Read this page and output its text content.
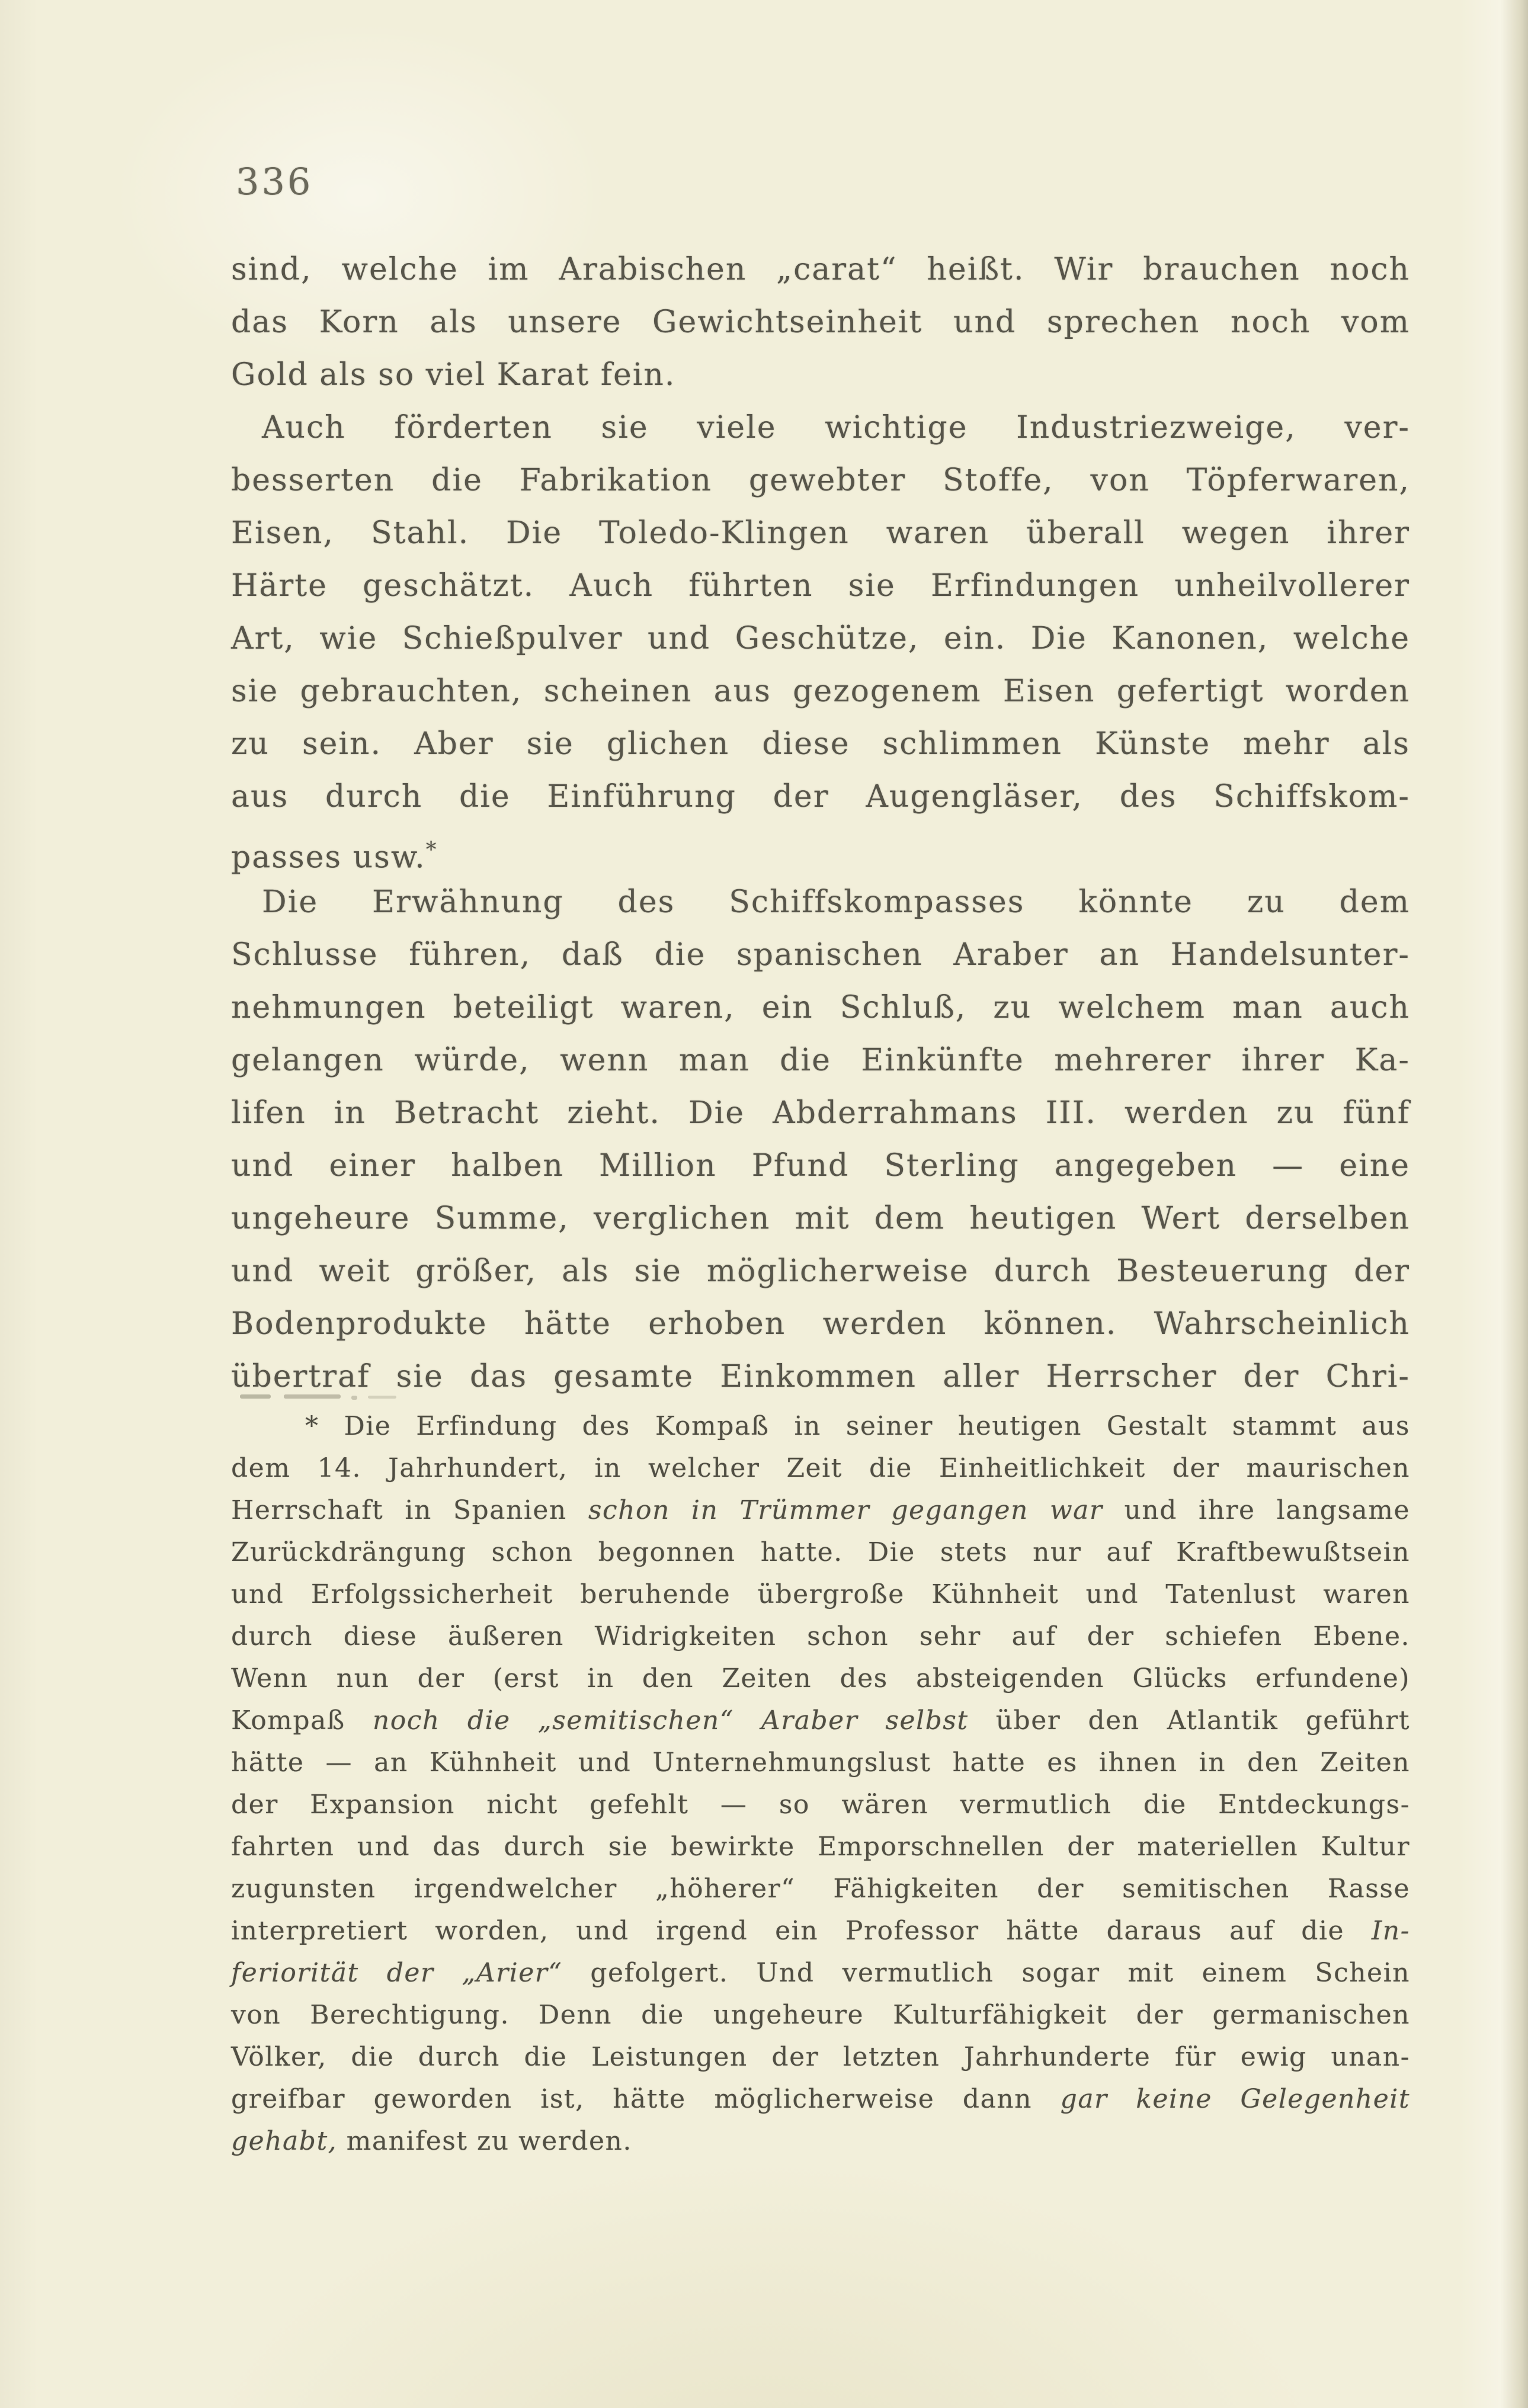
336
sind, welche im Arabischen „carat“ heißt. Wir brauchen noch
das Korn als unsere Gewichtseinheit und sprechen noch vom
Gold als so viel Karat fein.
Auch förderten sie viele wichtige Industriezweige, ver-
besserten die Fabrikation gewebter Stoffe, von Töpferwaren,
Eisen, Stahl. Die Toledo-Klingen waren überall wegen ihrer
Härte geschätzt. Auch führten sie Erfindungen unheilvollerer
Art, wie Schießpulver und Geschütze, ein. Die Kanonen, welche
sie gebrauchten, scheinen aus gezogenem Eisen gefertigt worden
zu sein. Aber sie glichen diese schlimmen Künste mehr als
aus durch die Einführung der Augengläser, des Schiffskom-
passes usw.*
Die Erwähnung des Schiffskompasses könnte zu dem
Schlusse führen, daß die spanischen Araber an Handelsunter-
nehmungen beteiligt waren, ein Schluß, zu welchem man auch
gelangen würde, wenn man die Einkünfte mehrerer ihrer Ka-
lifen in Betracht zieht. Die Abderrahmans III. werden zu fünf
und einer halben Million Pfund Sterling angegeben — eine
ungeheure Summe, verglichen mit dem heutigen Wert derselben
und weit größer, als sie möglicherweise durch Besteuerung der
Bodenprodukte hätte erhoben werden können. Wahrscheinlich
übertraf sie das gesamte Einkommen aller Herrscher der Chri-
* Die Erfindung des Kompaß in seiner heutigen Gestalt stammt aus
dem 14. Jahrhundert, in welcher Zeit die Einheitlichkeit der maurischen
Herrschaft in Spanien schon in Trümmer gegangen war und ihre langsame
Zurückdrängung schon begonnen hatte. Die stets nur auf Kraftbewußtsein
und Erfolgssicherheit beruhende übergroße Kühnheit und Tatenlust waren
durch diese äußeren Widrigkeiten schon sehr auf der schiefen Ebene.
Wenn nun der (erst in den Zeiten des absteigenden Glücks erfundene)
Kompaß noch die „semitischen“ Araber selbst über den Atlantik geführt
hätte — an Kühnheit und Unternehmungslust hatte es ihnen in den Zeiten
der Expansion nicht gefehlt — so wären vermutlich die Entdeckungs-
fahrten und das durch sie bewirkte Emporschnellen der materiellen Kultur
zugunsten irgendwelcher „höherer“ Fähigkeiten der semitischen Rasse
interpretiert worden, und irgend ein Professor hätte daraus auf die In-
feriorität der „Arier“ gefolgert. Und vermutlich sogar mit einem Schein
von Berechtigung. Denn die ungeheure Kulturfähigkeit der germanischen
Völker, die durch die Leistungen der letzten Jahrhunderte für ewig unan-
greifbar geworden ist, hätte möglicherweise dann gar keine Gelegenheit
gehabt, manifest zu werden.
